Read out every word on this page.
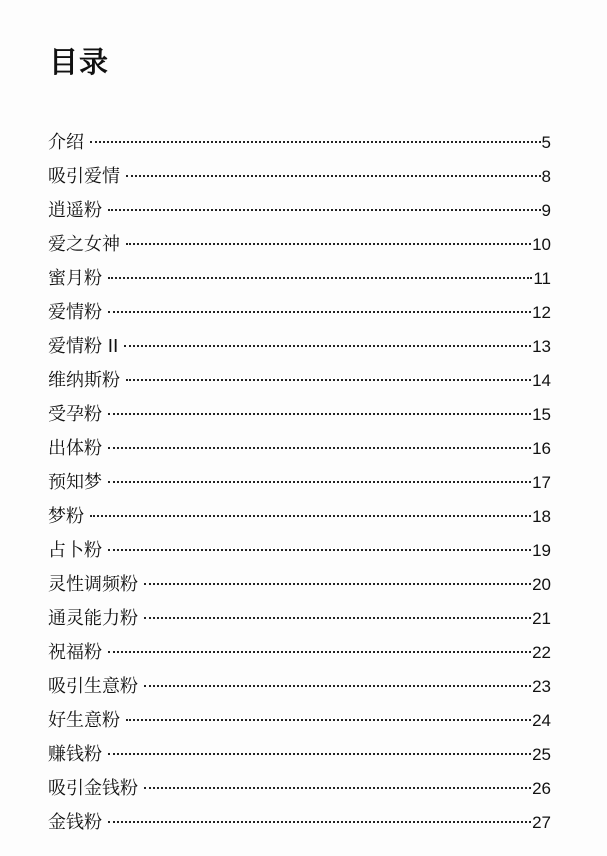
目录
介绍	5
吸引爱情	8
逍遥粉	9
爱之女神	10
蜜月粉	11
爱情粉	12
爱情粉 II	13
维纳斯粉	14
受孕粉	15
出体粉	16
预知梦	17
梦粉	18
占卜粉	19
灵性调频粉	20
通灵能力粉	21
祝福粉	22
吸引生意粉	23
好生意粉	24
赚钱粉	25
吸引金钱粉	26
金钱粉	27
